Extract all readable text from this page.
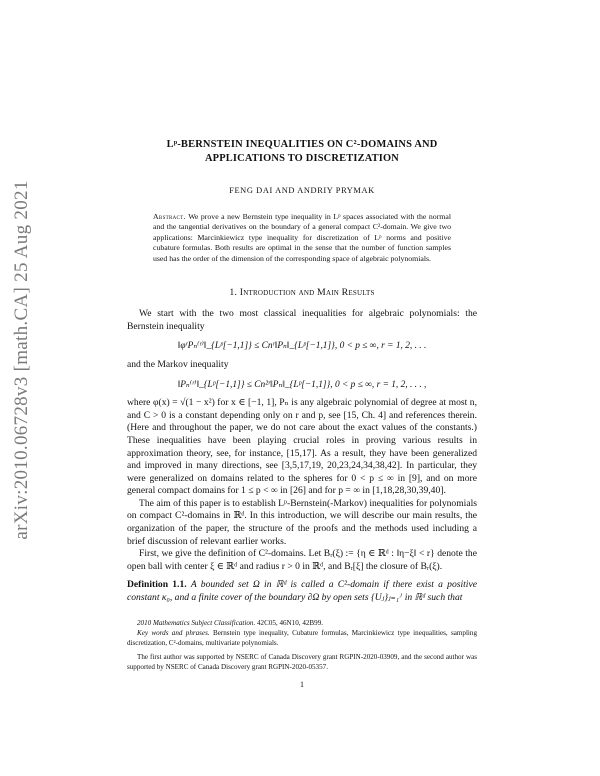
arXiv:2010.06728v3 [math.CA] 25 Aug 2021
Lᵖ-BERNSTEIN INEQUALITIES ON C²-DOMAINS AND
APPLICATIONS TO DISCRETIZATION
FENG DAI AND ANDRIY PRYMAK
Abstract. We prove a new Bernstein type inequality in Lᵖ spaces associated with the normal and the tangential derivatives on the boundary of a general compact C²-domain. We give two applications: Marcinkiewicz type inequality for discretization of Lᵖ norms and positive cubature formulas. Both results are optimal in the sense that the number of function samples used has the order of the dimension of the corresponding space of algebraic polynomials.
1. Introduction and Main Results

We start with the two most classical inequalities for algebraic polynomials: the Bernstein inequality

‖φʳPₙ⁽ʳ⁾‖_{Lᵖ[−1,1]} ≤ Cnʳ‖Pₙ‖_{Lᵖ[−1,1]}, 0 < p ≤ ∞, r = 1, 2, . . .

and the Markov inequality

‖Pₙ⁽ʳ⁾‖_{Lᵖ[−1,1]} ≤ Cn²ʳ‖Pₙ‖_{Lᵖ[−1,1]}, 0 < p ≤ ∞, r = 1, 2, . . . ,

where φ(x) = √(1 − x²) for x ∈ [−1, 1], Pₙ is any algebraic polynomial of degree at most n, and C > 0 is a constant depending only on r and p, see [15, Ch. 4] and references therein. (Here and throughout the paper, we do not care about the exact values of the constants.) These inequalities have been playing crucial roles in proving various results in approximation theory, see, for instance, [15,17]. As a result, they have been generalized and improved in many directions, see [3,5,17,19, 20,23,24,34,38,42]. In particular, they were generalized on domains related to the spheres for 0 < p ≤ ∞ in [9], and on more general compact domains for 1 ≤ p < ∞ in [26] and for p = ∞ in [1,18,28,30,39,40].

The aim of this paper is to establish Lᵖ-Bernstein(-Markov) inequalities for polynomials on compact C²-domains in ℝᵈ. In this introduction, we will describe our main results, the organization of the paper, the structure of the proofs and the methods used including a brief discussion of relevant earlier works.

First, we give the definition of C²-domains. Let Bᵣ(ξ) := {η ∈ ℝᵈ : ‖η−ξ‖ < r} denote the open ball with center ξ ∈ ℝᵈ and radius r > 0 in ℝᵈ, and Bᵣ[ξ] the closure of Bᵣ(ξ).

Definition 1.1. A bounded set Ω in ℝᵈ is called a C²-domain if there exist a positive constant κ₀, and a finite cover of the boundary ∂Ω by open sets {Uⱼ}ⱼ₌₁ᴶ in ℝᵈ such that
2010 Mathematics Subject Classification. 42C05, 46N10, 42B99.
Key words and phrases. Bernstein type inequality, Cubature formulas, Marcinkiewicz type inequalities, sampling discretization, C²-domains, multivariate polynomials.
The first author was supported by NSERC of Canada Discovery grant RGPIN-2020-03909, and the second author was supported by NSERC of Canada Discovery grant RGPIN-2020-05357.
1
